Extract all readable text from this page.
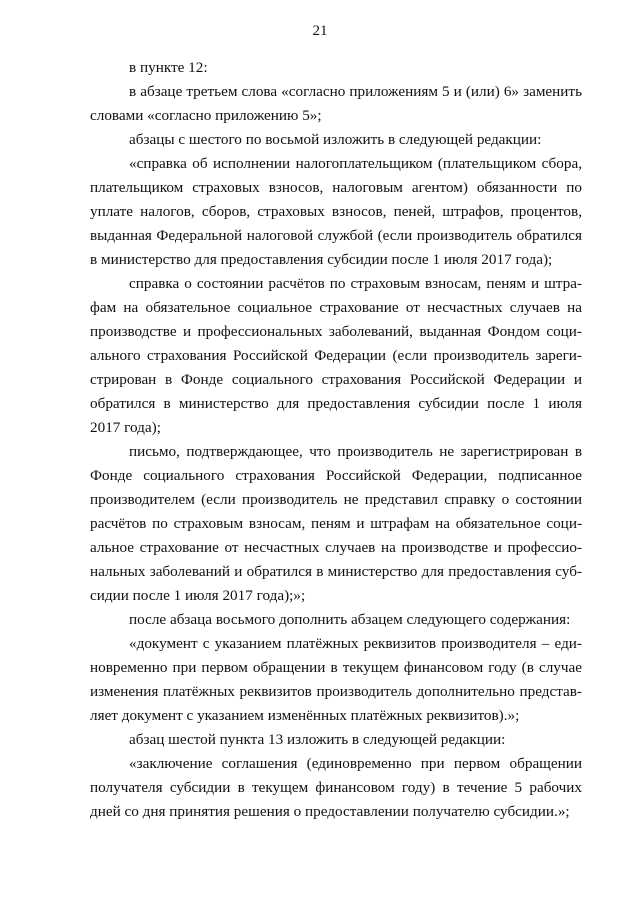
21
в пункте 12:
в абзаце третьем слова «согласно приложениям 5 и (или) 6» заменить
словами «согласно приложению 5»;
абзацы с шестого по восьмой изложить в следующей редакции:
«справка об исполнении налогоплательщиком (плательщиком сбора,
плательщиком страховых взносов, налоговым агентом) обязанности по
уплате налогов, сборов, страховых взносов, пеней, штрафов, процентов,
выданная Федеральной налоговой службой (если производитель обратился
в министерство для предоставления субсидии после 1 июля 2017 года);
справка о состоянии расчётов по страховым взносам, пеням и штра-
фам на обязательное социальное страхование от несчастных случаев на
производстве и профессиональных заболеваний, выданная Фондом соци-
ального страхования Российской Федерации (если производитель зареги-
стрирован в Фонде социального страхования Российской Федерации и
обратился в министерство для предоставления субсидии после 1 июля
2017 года);
письмо, подтверждающее, что производитель не зарегистрирован в
Фонде социального страхования Российской Федерации, подписанное
производителем (если производитель не представил справку о состоянии
расчётов по страховым взносам, пеням и штрафам на обязательное соци-
альное страхование от несчастных случаев на производстве и профессио-
нальных заболеваний и обратился в министерство для предоставления суб-
сидии после 1 июля 2017 года);»;
после абзаца восьмого дополнить абзацем следующего содержания:
«документ с указанием платёжных реквизитов производителя – еди-
новременно при первом обращении в текущем финансовом году (в случае
изменения платёжных реквизитов производитель дополнительно представ-
ляет документ с указанием изменённых платёжных реквизитов).»;
абзац шестой пункта 13 изложить в следующей редакции:
«заключение соглашения (единовременно при первом обращении
получателя субсидии в текущем финансовом году) в течение 5 рабочих
дней со дня принятия решения о предоставлении получателю субсидии.»;
